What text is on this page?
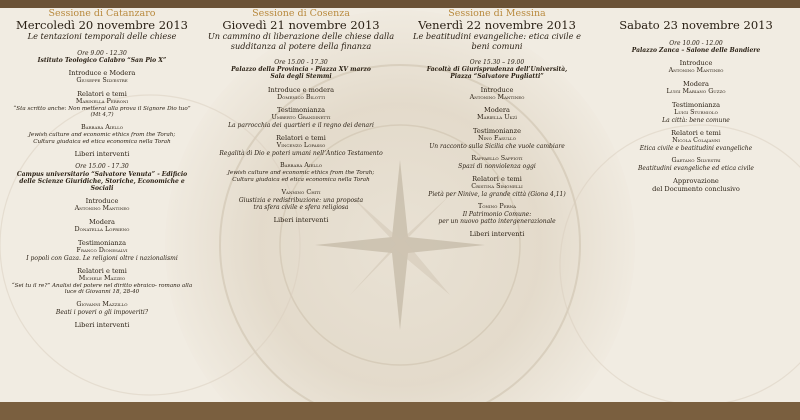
Sessione di Catanzaro
Mercoledì 20 novembre 2013
Le tentazioni temporali delle chiese
Ore 9.00 - 12.30
Istituto Teologico Calabro “San Pio X”
Introduce e Modera
Giuseppe Silvestre
Relatori e temi
Marinella Perroni
“Sta scritto anche: Non metterai alla prova il Signore Dio tuo” (Mt 4,7)
Barbara Aiello
Jewish culture and economic ethics from the Torah;
Cultura giudaica ed etica economica nella Torah
Liberi interventi
Ore 15.00 - 17.30
Campus universitario “Salvatore Venuta” - Edificio delle Scienze Giuridiche, Storiche, Economiche e Sociali
Introduce
Antonino Mantineo
Modera
Donatella Loprieno
Testimonianza
Franco Dionesalvi
I popoli con Gaza. Le religioni oltre i nazionalismi
Relatori e temi
Michele Mazzeo
“Sei tu il re?” Analisi del potere nel diritto ebraico- romano alla luce di Giovanni 18, 28-40
Giovanni Mazzillo
Beati i poveri o gli impoveriti?
Liberi interventi
Sessione di Cosenza
Giovedì 21 novembre 2013
Un cammino di liberazione delle chiese dalla sudditanza al potere della finanza
Ore 15.00 - 17.30
Palazzo della Provincia - Piazza XV marzo
Sala degli Stemmi
Introduce e modera
Domenico Bilotti
Testimonianza
Umberto Grandinetti
La parrocchia dei quartieri e il regno dei denari
Relatori e temi
Vincenzo Lopasso
Regalità di Dio e poteri umani nell’Antico Testamento
Barbara Aiello
Jewish culture and economic ethics from the Torah;
Cultura giudaica ed etica economica nella Torah
Vannino Chiti
Giustizia e redistribuzione: una proposta
tra sfera civile e sfera religiosa
Liberi interventi
Sessione di Messina
Venerdì 22 novembre 2013
Le beatitudini evangeliche: etica civile e beni comuni
Ore 15.30 – 19.00
Facoltà di Giurisprudenza dell’Università,
Piazza “Salvatore Pugliatti”
Introduce
Antonino Mantineo
Modera
Mariella Ukzì
Testimonianze
Nino Fasullo
Un racconto sulla Sicilia che vuole cambiare
Raffaello Saffioti
Spazi di nonviolenza oggi
Relatori e temi
Cristina Simonelli
Pietà per Ninive, la grande città (Giona 4,11)
Tonino Perna
Il Patrimonio Comune:
per un nuovo patto intergenerazionale
Liberi interventi
Sabato 23 novembre 2013
Ore 10.00 - 12.00
Palazzo Zanca – Salone delle Bandiere
Introduce
Antonino Mantineo
Modera
Luigi Mariano Guzzo
Testimonianza
Luigi Sturniolo
La città: bene comune
Relatori e temi
Nicola Colajanni
Etica civile e beatitudini evangeliche
Gaetano Silvestri
Beatitudini evangeliche ed etica civile
Approvazione
del Documento conclusivo
